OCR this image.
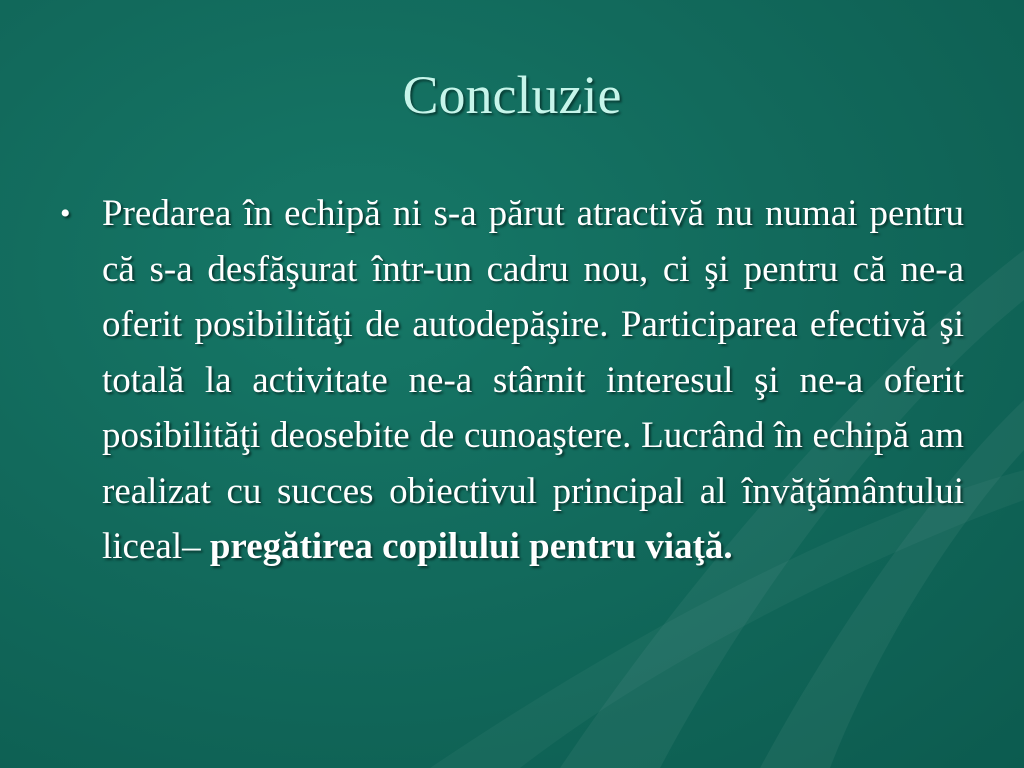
Concluzie
• Predarea în echipă ni s-a părut atractivă nu numai pentru că s-a desfăşurat într-un cadru nou, ci şi pentru că ne-a oferit posibilităţi de autodepăşire. Participarea efectivă şi totală la activitate ne-a stârnit interesul şi ne-a oferit posibilităţi deosebite de cunoaştere. Lucrând în echipă am realizat cu succes obiectivul principal al învăţământului liceal– pregătirea copilului pentru viaţă.
